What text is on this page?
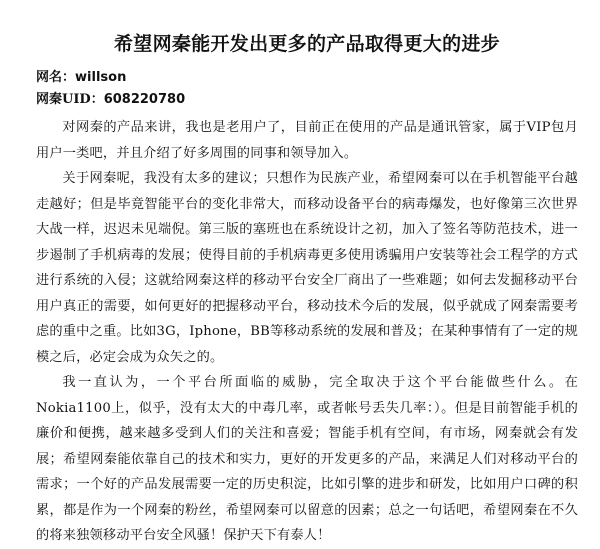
希望网秦能开发出更多的产品取得更大的进步

网名：willson

网秦UID：608220780

对网秦的产品来讲，我也是老用户了，目前正在使用的产品是通讯管家，属于VIP包月用户一类吧，并且介绍了好多周围的同事和领导加入。

关于网秦呢，我没有太多的建议；只想作为民族产业，希望网秦可以在手机智能平台越走越好；但是毕竟智能平台的变化非常大，而移动设备平台的病毒爆发，也好像第三次世界大战一样，迟迟未见端倪。第三版的塞班也在系统设计之初，加入了签名等防范技术，进一步遏制了手机病毒的发展；使得目前的手机病毒更多使用诱骗用户安装等社会工程学的方式进行系统的入侵；这就给网秦这样的移动平台安全厂商出了一些难题；如何去发掘移动平台用户真正的需要，如何更好的把握移动平台，移动技术今后的发展，似乎就成了网秦需要考虑的重中之重。比如3G，Iphone，BB等移动系统的发展和普及；在某种事情有了一定的规模之后，必定会成为众矢之的。

我一直认为，一个平台所面临的威胁，完全取决于这个平台能做些什么。在Nokia1100上，似乎，没有太大的中毒几率，或者帐号丢失几率：）。但是目前智能手机的廉价和便携，越来越多受到人们的关注和喜爱；智能手机有空间，有市场，网秦就会有发展；希望网秦能依靠自己的技术和实力，更好的开发更多的产品，来满足人们对移动平台的需求；一个好的产品发展需要一定的历史积淀，比如引擎的进步和研发，比如用户口碑的积累，都是作为一个网秦的粉丝，希望网秦可以留意的因素；总之一句话吧，希望网秦在不久的将来独领移动平台安全风骚！保护天下有泰人！
